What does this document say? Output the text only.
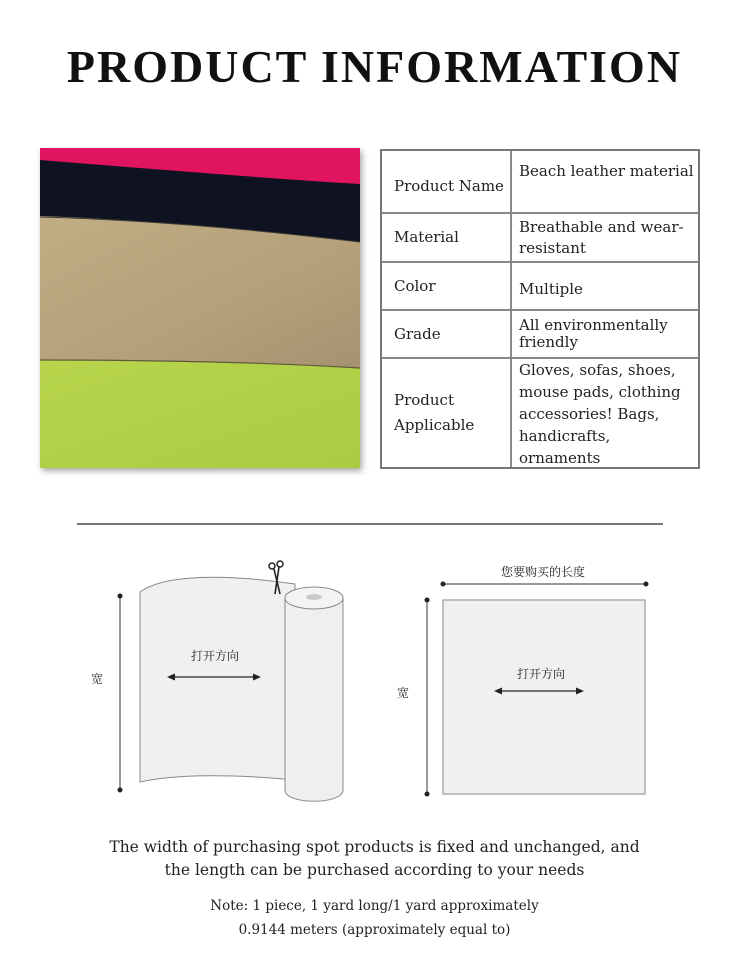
PRODUCT INFORMATION
Product Name
Beach leather material
Material
Breathable and wear-resistant
Color	Multiple
Grade	All environmentally friendly
Product Applicable
Gloves, sofas, shoes, mouse pads, clothing accessories! Bags, handicrafts, ornaments
宽
打开方向
您要购买的长度
宽
打开方向
The width of purchasing spot products is fixed and unchanged, and
the length can be purchased according to your needs
Note: 1 piece, 1 yard long/1 yard approximately
0.9144 meters (approximately equal to)
